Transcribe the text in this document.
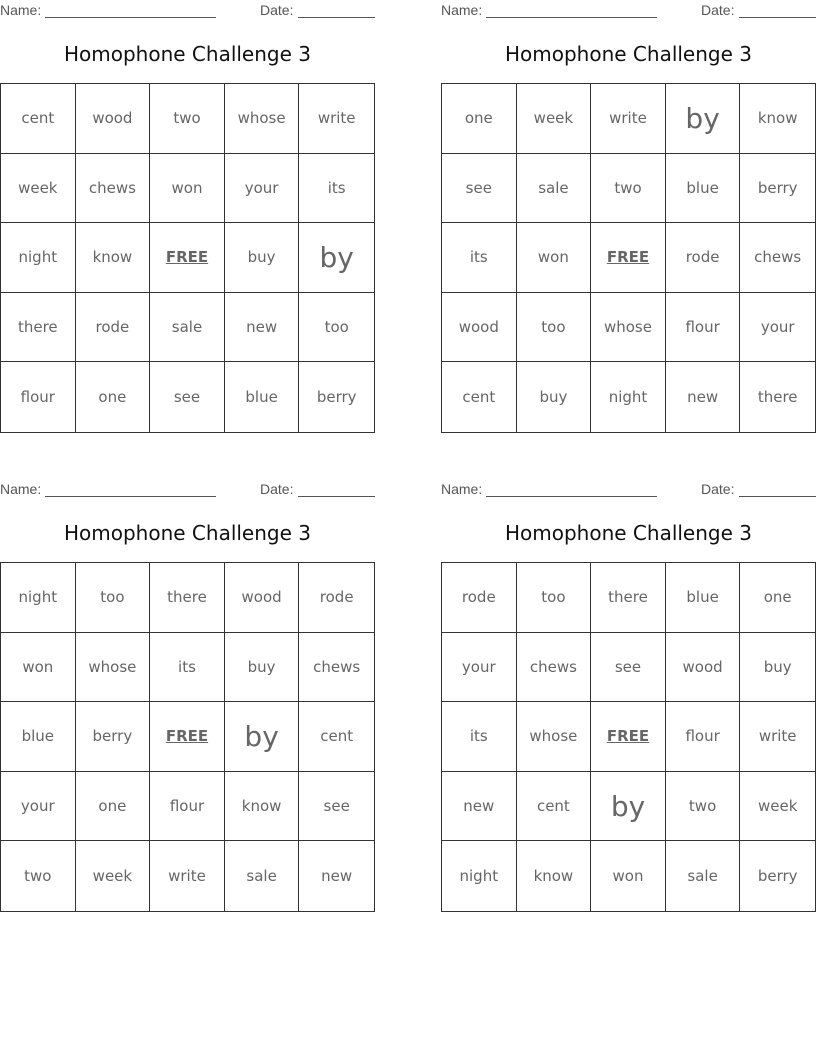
Name:	Date:
Homophone Challenge 3
cent	wood	two	whose	write
week	chews	won	your	its
night	know	FREE	buy	by
there	rode	sale	new	too
flour	one	see	blue	berry
Name:	Date:
Homophone Challenge 3
one	week	write	by	know
see	sale	two	blue	berry
its	won	FREE	rode	chews
wood	too	whose	flour	your
cent	buy	night	new	there
Name:	Date:
Homophone Challenge 3
night	too	there	wood	rode
won	whose	its	buy	chews
blue	berry	FREE	by	cent
your	one	flour	know	see
two	week	write	sale	new
Name:	Date:
Homophone Challenge 3
rode	too	there	blue	one
your	chews	see	wood	buy
its	whose	FREE	flour	write
new	cent	by	two	week
night	know	won	sale	berry
